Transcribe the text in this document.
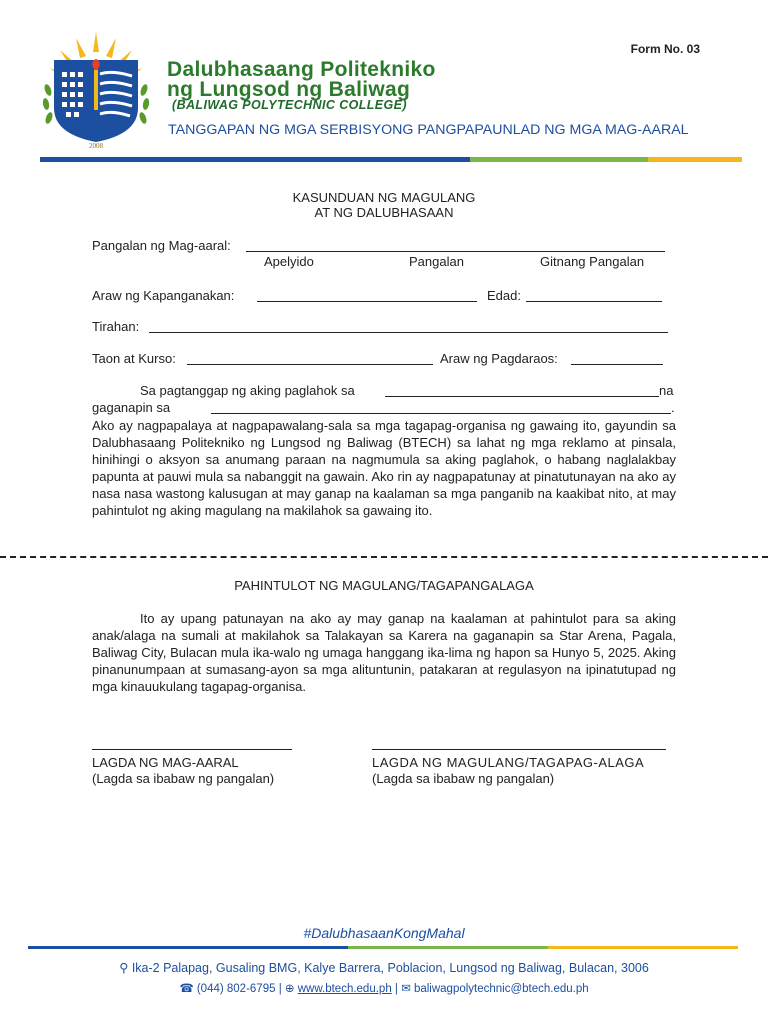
2008
Form No. 03
Dalubhasaang Politekniko
ng Lungsod ng Baliwag
(BALIWAG POLYTECHNIC COLLEGE)
TANGGAPAN NG MGA SERBISYONG PANGPAPAUNLAD NG MGA MAG-AARAL
KASUNDUAN NG MAGULANG
AT NG DALUBHASAAN
Pangalan ng Mag-aaral:
Apelyido	Pangalan	Gitnang Pangalan
Araw ng Kapanganakan:	Edad:
Tirahan:
Taon at Kurso:	Araw ng Pagdaraos:
Sa pagtanggap ng aking paglahok sa	na
gaganapin sa	.
Ako ay nagpapalaya at nagpapawalang-sala sa mga tagapag-organisa ng gawaing ito, gayundin sa Dalubhasaang Politekniko ng Lungsod ng Baliwag (BTECH) sa lahat ng mga reklamo at pinsala, hinihingi o aksyon sa anumang paraan na nagmumula sa aking paglahok, o habang naglalakbay papunta at pauwi mula sa nabanggit na gawain. Ako rin ay nagpapatunay at pinatutunayan na ako ay nasa nasa wastong kalusugan at may ganap na kaalaman sa mga panganib na kaakibat nito, at may pahintulot ng aking magulang na makilahok sa gawaing ito.
PAHINTULOT NG MAGULANG/TAGAPANGALAGA
Ito ay upang patunayan na ako ay may ganap na kaalaman at pahintulot para sa aking anak/alaga na sumali at makilahok sa Talakayan sa Karera na gaganapin sa Star Arena, Pagala, Baliwag City, Bulacan mula ika-walo ng umaga hanggang ika-lima ng hapon sa Hunyo 5, 2025. Aking pinanunumpaan at sumasang-ayon sa mga alituntunin, patakaran at regulasyon na ipinatutupad ng mga kinauukulang tagapag-organisa.
LAGDA NG MAG-AARAL
(Lagda sa ibabaw ng pangalan)
LAGDA NG MAGULANG/TAGAPAG-ALAGA
(Lagda sa ibabaw ng pangalan)
#DalubhasaanKongMahal
⚲ Ika-2 Palapag, Gusaling BMG, Kalye Barrera, Poblacion, Lungsod ng Baliwag, Bulacan, 3006
☎ (044) 802-6795 | ⊕ www.btech.edu.ph | ✉ baliwagpolytechnic@btech.edu.ph
